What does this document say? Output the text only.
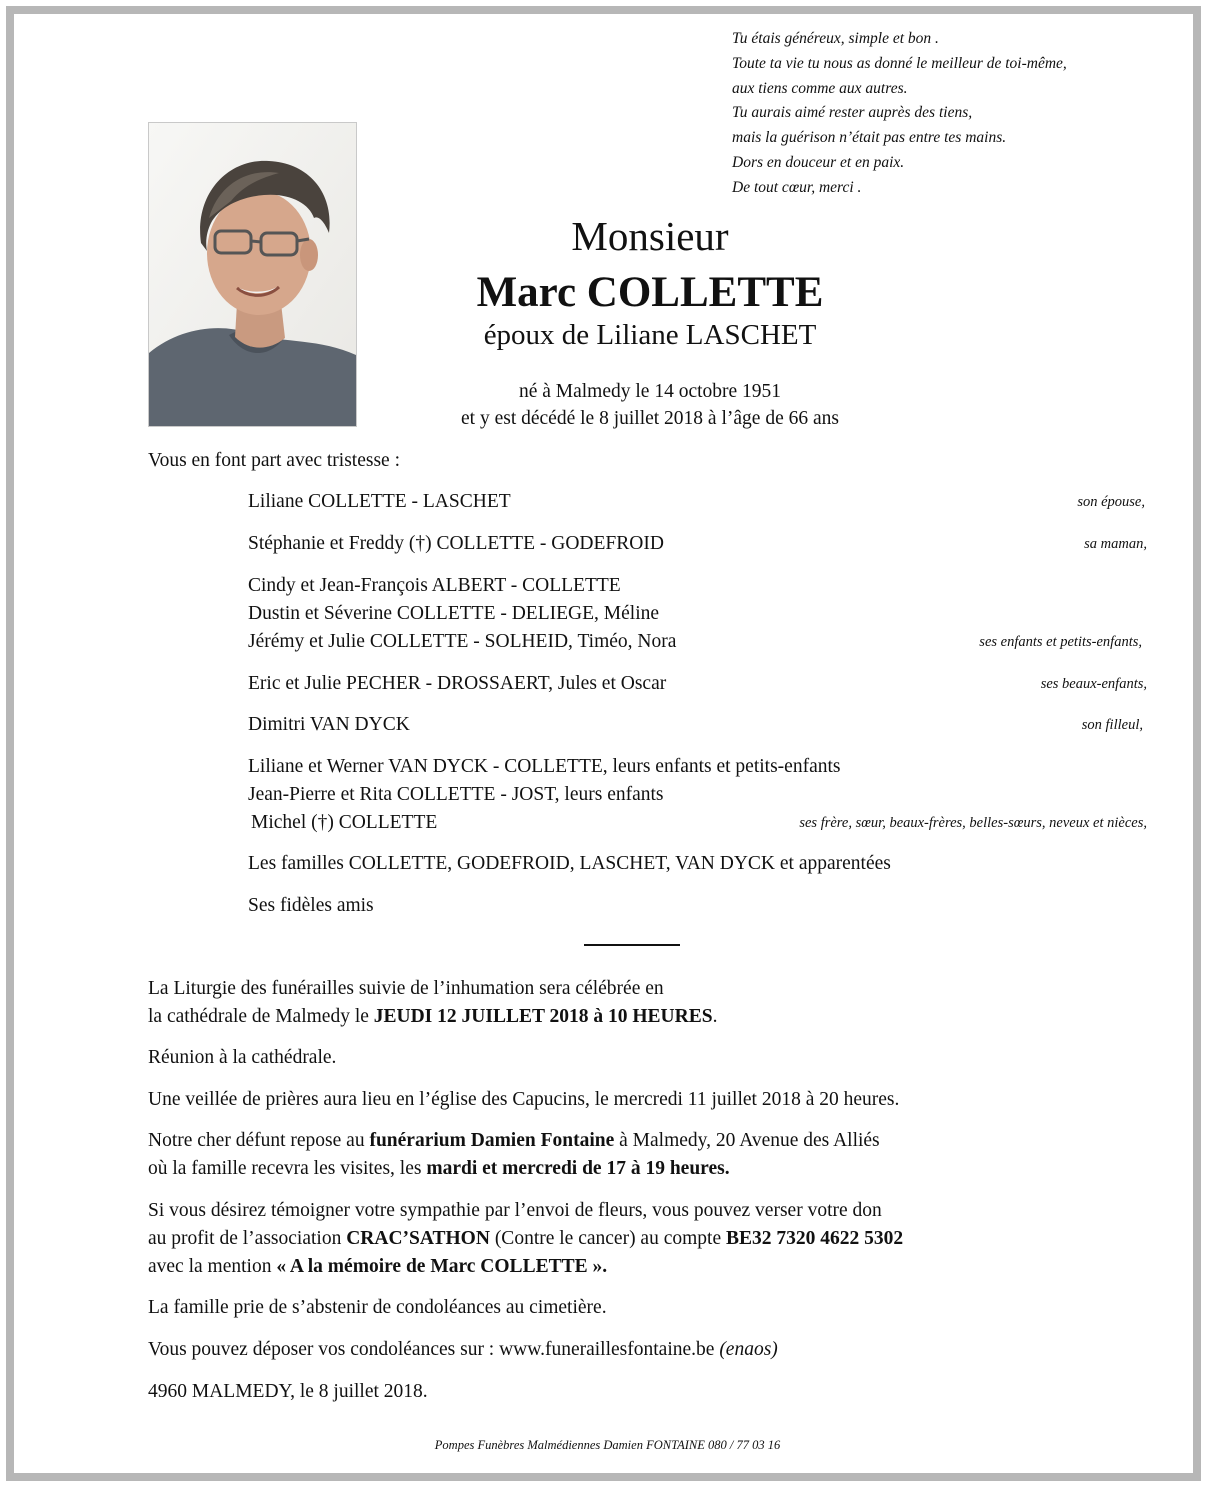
Tu étais généreux, simple et bon .
Toute ta vie tu nous as donné le meilleur de toi-même,
aux tiens comme aux autres.
Tu aurais aimé rester auprès des tiens,
mais la guérison n’était pas entre tes mains.
Dors en douceur et en paix.
De tout cœur, merci .
Monsieur
Marc COLLETTE
époux de Liliane LASCHET
né à Malmedy le 14 octobre 1951
et y est décédé le 8 juillet 2018 à l’âge de 66 ans
Vous en font part avec tristesse :
Liliane COLLETTE - LASCHET	son épouse,
Stéphanie et Freddy (†) COLLETTE - GODEFROID	sa maman,
Cindy et Jean-François ALBERT - COLLETTE
Dustin et Séverine COLLETTE - DELIEGE, Méline
Jérémy et Julie COLLETTE - SOLHEID, Timéo, Nora	ses enfants et petits-enfants,
Eric et Julie PECHER - DROSSAERT, Jules et Oscar	ses beaux-enfants,
Dimitri VAN DYCK	son filleul,
Liliane et Werner VAN DYCK - COLLETTE, leurs enfants et petits-enfants
Jean-Pierre et Rita COLLETTE - JOST, leurs enfants
Michel (†) COLLETTE	ses frère, sœur, beaux-frères, belles-sœurs, neveux et nièces,
Les familles COLLETTE, GODEFROID, LASCHET, VAN DYCK et apparentées
Ses fidèles amis
La Liturgie des funérailles suivie de l’inhumation sera célébrée en
la cathédrale de Malmedy le JEUDI 12 JUILLET 2018 à 10 HEURES.
Réunion à la cathédrale.
Une veillée de prières aura lieu en l’église des Capucins, le mercredi 11 juillet 2018 à 20 heures.
Notre cher défunt repose au funérarium Damien Fontaine à Malmedy, 20 Avenue des Alliés
où la famille recevra les visites, les mardi et mercredi de 17 à 19 heures.
Si vous désirez témoigner votre sympathie par l’envoi de fleurs, vous pouvez verser votre don
au profit de l’association CRAC’SATHON (Contre le cancer) au compte BE32 7320 4622 5302
avec la mention « A la mémoire de Marc COLLETTE ».
La famille prie de s’abstenir de condoléances au cimetière.
Vous pouvez déposer vos condoléances sur : www.funeraillesfontaine.be (enaos)
4960 MALMEDY, le 8 juillet 2018.
Pompes Funèbres Malmédiennes Damien FONTAINE 080 / 77 03 16
